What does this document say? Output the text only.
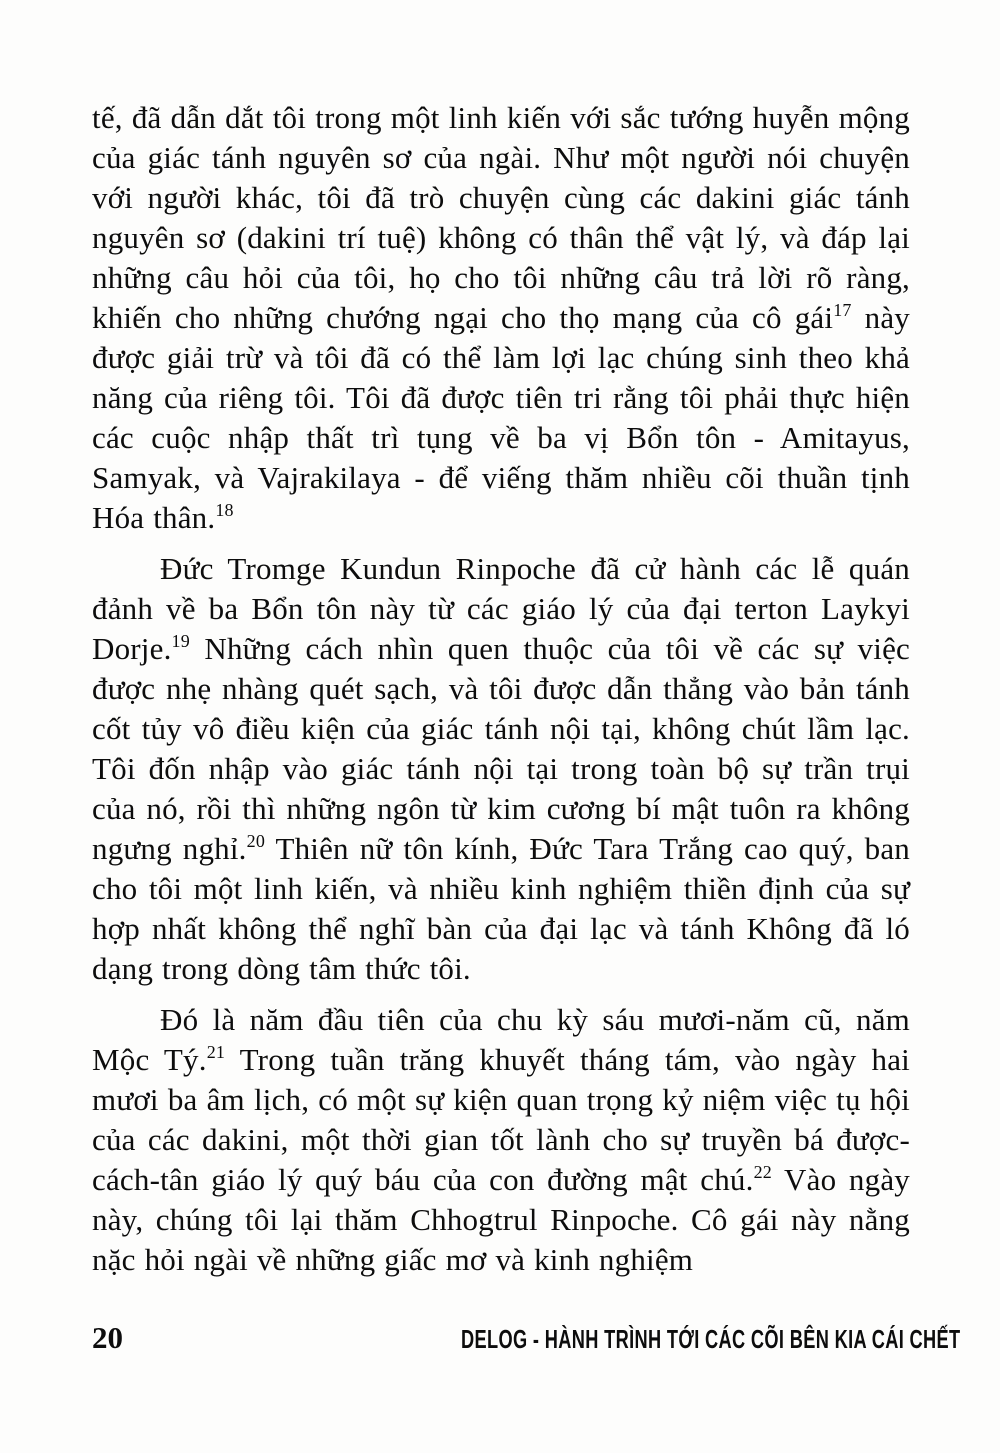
tế, đã dẫn dắt tôi trong một linh kiến với sắc tướng huyễn mộng của giác tánh nguyên sơ của ngài. Như một người nói chuyện với người khác, tôi đã trò chuyện cùng các dakini giác tánh nguyên sơ (dakini trí tuệ) không có thân thể vật lý, và đáp lại những câu hỏi của tôi, họ cho tôi những câu trả lời rõ ràng, khiến cho những chướng ngại cho thọ mạng của cô gái$^{17}$ này được giải trừ và tôi đã có thể làm lợi lạc chúng sinh theo khả năng của riêng tôi. Tôi đã được tiên tri rằng tôi phải thực hiện các cuộc nhập thất trì tụng về ba vị Bổn tôn - Amitayus, Samyak, và Vajrakilaya - để viếng thăm nhiều cõi thuần tịnh Hóa thân.$^{18}$

Đức Tromge Kundun Rinpoche đã cử hành các lễ quán đảnh về ba Bổn tôn này từ các giáo lý của đại terton Laykyi Dorje.$^{19}$ Những cách nhìn quen thuộc của tôi về các sự việc được nhẹ nhàng quét sạch, và tôi được dẫn thẳng vào bản tánh cốt tủy vô điều kiện của giác tánh nội tại, không chút lầm lạc. Tôi đốn nhập vào giác tánh nội tại trong toàn bộ sự trần trụi của nó, rồi thì những ngôn từ kim cương bí mật tuôn ra không ngưng nghỉ.$^{20}$ Thiên nữ tôn kính, Đức Tara Trắng cao quý, ban cho tôi một linh kiến, và nhiều kinh nghiệm thiền định của sự hợp nhất không thể nghĩ bàn của đại lạc và tánh Không đã ló dạng trong dòng tâm thức tôi.

Đó là năm đầu tiên của chu kỳ sáu mươi-năm cũ, năm Mộc Tý.$^{21}$ Trong tuần trăng khuyết tháng tám, vào ngày hai mươi ba âm lịch, có một sự kiện quan trọng kỷ niệm việc tụ hội của các dakini, một thời gian tốt lành cho sự truyền bá được-cách-tân giáo lý quý báu của con đường mật chú.$^{22}$ Vào ngày này, chúng tôi lại thăm Chhogtrul Rinpoche. Cô gái này nằng nặc hỏi ngài về những giấc mơ và kinh nghiệm

20	DELOG - HÀNH TRÌNH TỚI CÁC CÕI BÊN KIA CÁI CHẾT
